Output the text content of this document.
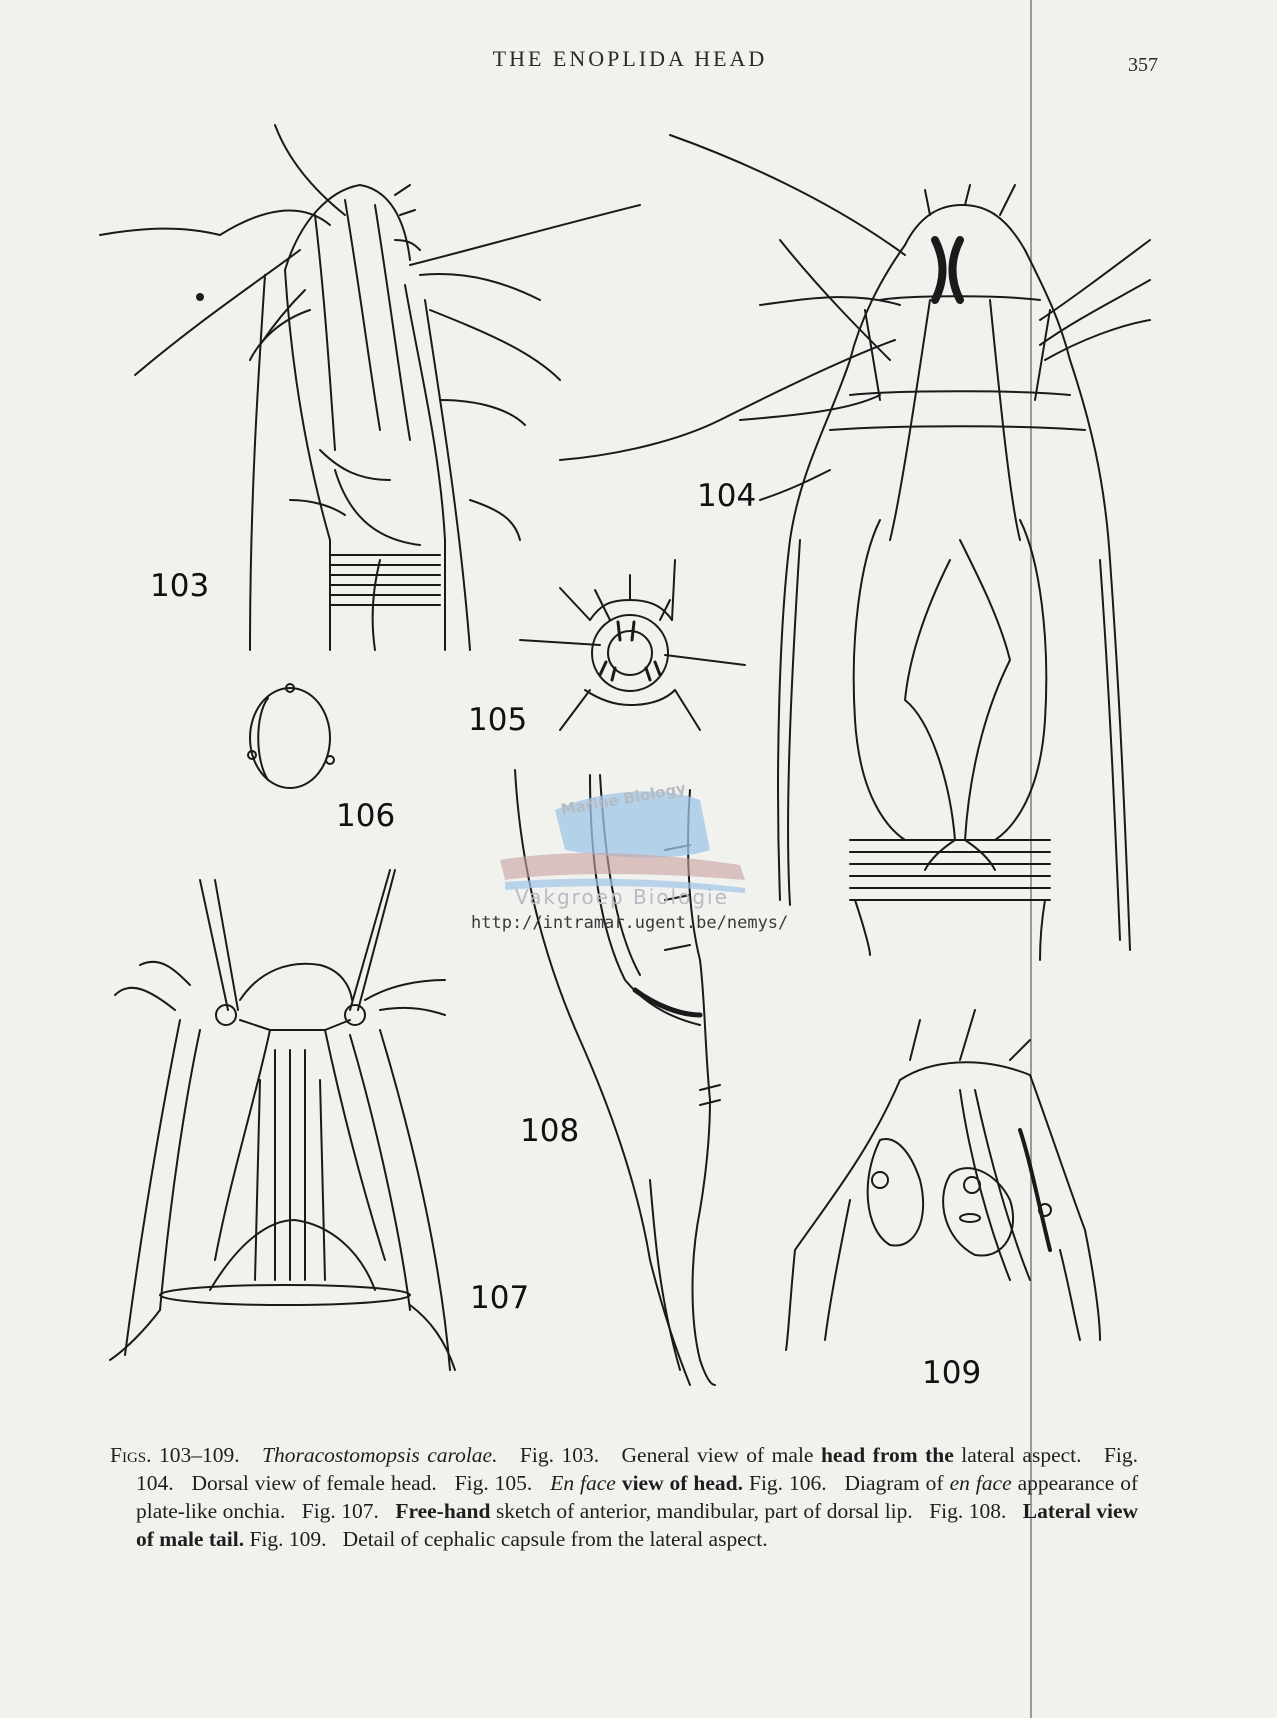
THE ENOPLIDA HEAD	357
Marine Biology
Vakgroep Biologie
http://intramar.ugent.be/nemys/
103
104
105
106
107
108
109

Figs. 103–109. Thoracostomopsis carolae. Fig. 103. General view of male head from the lateral aspect. Fig. 104. Dorsal view of female head. Fig. 105. En face view of head. Fig. 106. Diagram of en face appearance of plate-like onchia. Fig. 107. Free-hand sketch of anterior, mandibular, part of dorsal lip. Fig. 108. Lateral view of male tail. Fig. 109. Detail of cephalic capsule from the lateral aspect.
